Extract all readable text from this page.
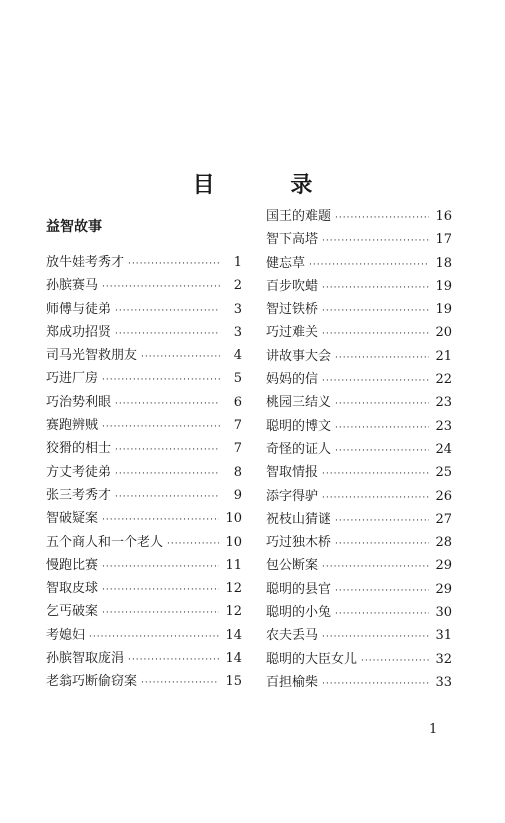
目 录
益智故事
放牛娃考秀才 ·····	1
孙膑赛马 ·····	2
师傅与徒弟 ·····	3
郑成功招贤 ·····	3
司马光智救朋友 ·····	4
巧进厂房 ·····	5
巧治势利眼 ·····	6
赛跑辨贼 ·····	7
狡猾的相士 ·····	7
方丈考徒弟 ·····	8
张三考秀才 ·····	9
智破疑案 ·····	10
五个商人和一个老人 ·····	10
慢跑比赛 ·····	11
智取皮球 ·····	12
乞丐破案 ·····	12
考媳妇 ·····	14
孙膑智取庞涓 ·····	14
老翁巧断偷窃案 ·····	15
国王的难题 ·····	16
智下高塔 ·····	17
健忘草 ·····	18
百步吹蜡 ·····	19
智过铁桥 ·····	19
巧过难关 ·····	20
讲故事大会 ·····	21
妈妈的信 ·····	22
桃园三结义 ·····	23
聪明的博文 ·····	23
奇怪的证人 ·····	24
智取情报 ·····	25
添字得驴 ·····	26
祝枝山猜谜 ·····	27
巧过独木桥 ·····	28
包公断案 ·····	29
聪明的县官 ·····	29
聪明的小兔 ·····	30
农夫丢马 ·····	31
聪明的大臣女儿 ·····	32
百担榆柴 ·····	33
1
